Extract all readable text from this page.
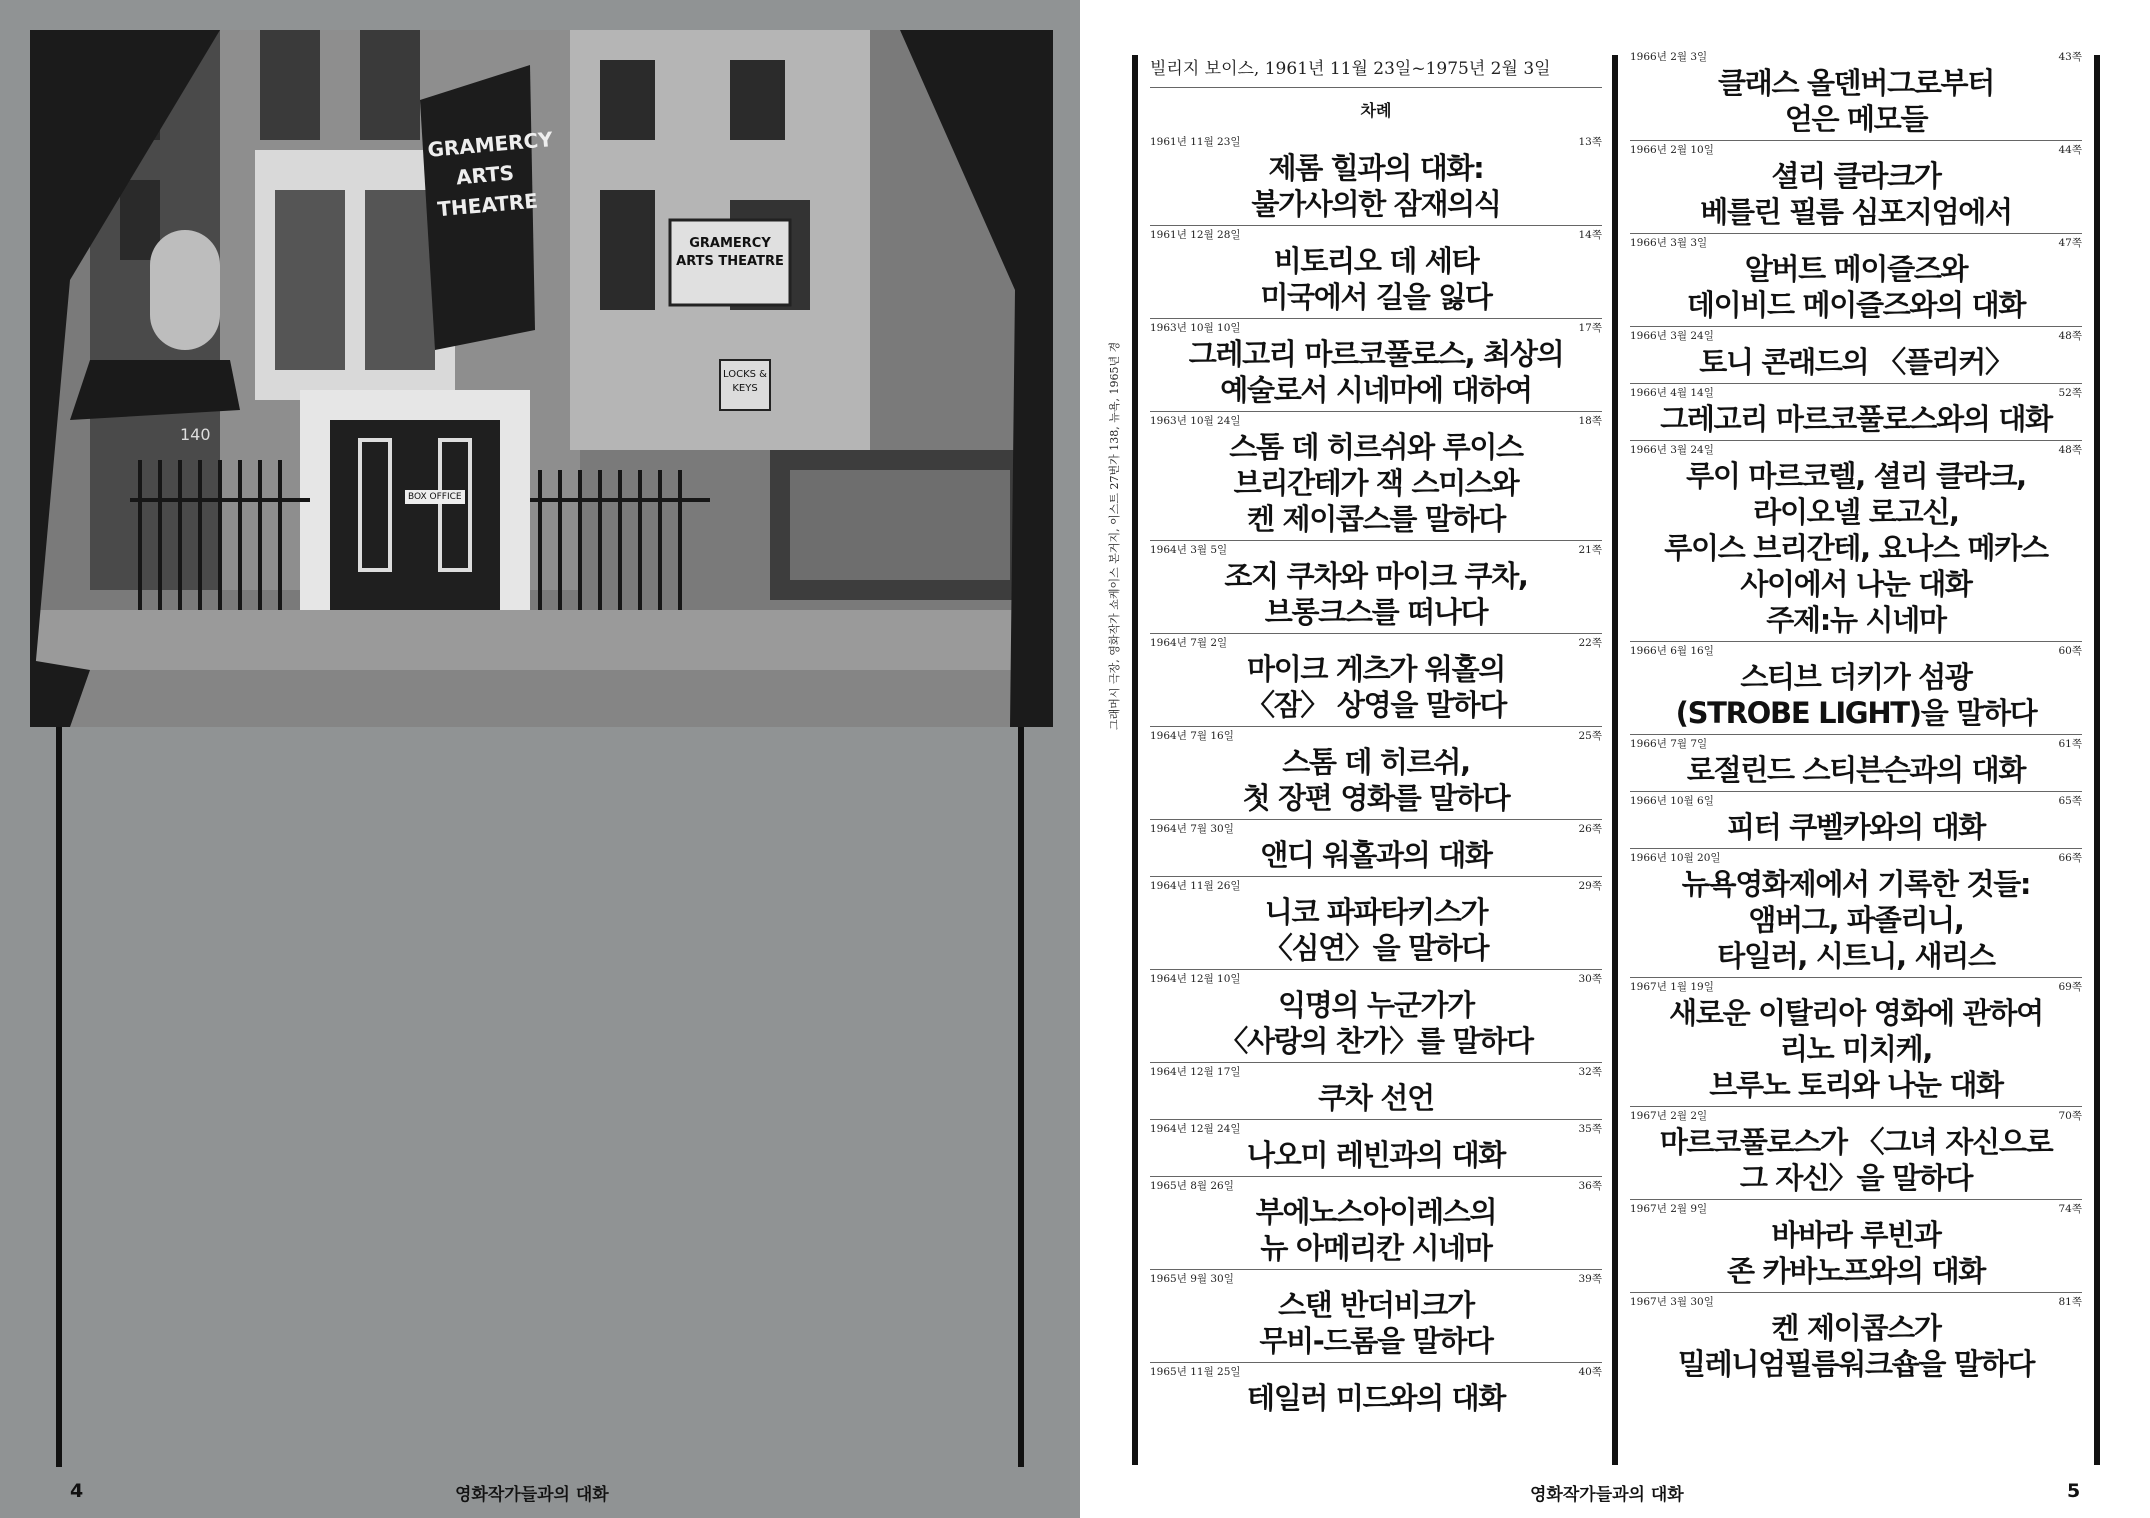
GRAMERCY ARTS THEATRE
GRAMERCY ARTS THEATRE
140
LOCKS & KEYS
BOX OFFICE
4	영화작가들과의 대화
그래머시 극장, 영화작가 쇼케이스 본거지, 이스트 27번가 138, 뉴욕, 1965년 경
빌리지 보이스, 1961년 11월 23일~1975년 2월 3일
차례
1961년 11월 23일	13쪽
제롬 힐과의 대화:
불가사의한 잠재의식
1961년 12월 28일	14쪽
비토리오 데 세타
미국에서 길을 잃다
1963년 10월 10일	17쪽
그레고리 마르코풀로스, 최상의
예술로서 시네마에 대하여
1963년 10월 24일	18쪽
스톰 데 히르쉬와 루이스
브리간테가 잭 스미스와
켄 제이콥스를 말하다
1964년 3월 5일	21쪽
조지 쿠차와 마이크 쿠차,
브롱크스를 떠나다
1964년 7월 2일	22쪽
마이크 게츠가 워홀의
〈잠〉 상영을 말하다
1964년 7월 16일	25쪽
스톰 데 히르쉬,
첫 장편 영화를 말하다
1964년 7월 30일	26쪽
앤디 워홀과의 대화
1964년 11월 26일	29쪽
니코 파파타키스가
〈심연〉을 말하다
1964년 12월 10일	30쪽
익명의 누군가가
〈사랑의 찬가〉를 말하다
1964년 12월 17일	32쪽
쿠차 선언
1964년 12월 24일	35쪽
나오미 레빈과의 대화
1965년 8월 26일	36쪽
부에노스아이레스의
뉴 아메리칸 시네마
1965년 9월 30일	39쪽
스탠 반더비크가
무비-드롬을 말하다
1965년 11월 25일	40쪽
테일러 미드와의 대화
1966년 2월 3일	43쪽
클래스 올덴버그로부터
얻은 메모들
1966년 2월 10일	44쪽
셜리 클라크가
베를린 필름 심포지엄에서
1966년 3월 3일	47쪽
알버트 메이즐즈와
데이비드 메이즐즈와의 대화
1966년 3월 24일	48쪽
토니 콘래드의 〈플리커〉
1966년 4월 14일	52쪽
그레고리 마르코풀로스와의 대화
1966년 3월 24일	48쪽
루이 마르코렐, 셜리 클라크,
라이오넬 로고신,
루이스 브리간테, 요나스 메카스
사이에서 나눈 대화
주제:뉴 시네마
1966년 6월 16일	60쪽
스티브 더키가 섬광
(STROBE LIGHT)을 말하다
1966년 7월 7일	61쪽
로절린드 스티븐슨과의 대화
1966년 10월 6일	65쪽
피터 쿠벨카와의 대화
1966년 10월 20일	66쪽
뉴욕영화제에서 기록한 것들:
앰버그, 파졸리니,
타일러, 시트니, 새리스
1967년 1월 19일	69쪽
새로운 이탈리아 영화에 관하여
리노 미치케,
브루노 토리와 나눈 대화
1967년 2월 2일	70쪽
마르코풀로스가 〈그녀 자신으로
그 자신〉을 말하다
1967년 2월 9일	74쪽
바바라 루빈과
존 카바노프와의 대화
1967년 3월 30일	81쪽
켄 제이콥스가
밀레니엄필름워크숍을 말하다
영화작가들과의 대화	5
